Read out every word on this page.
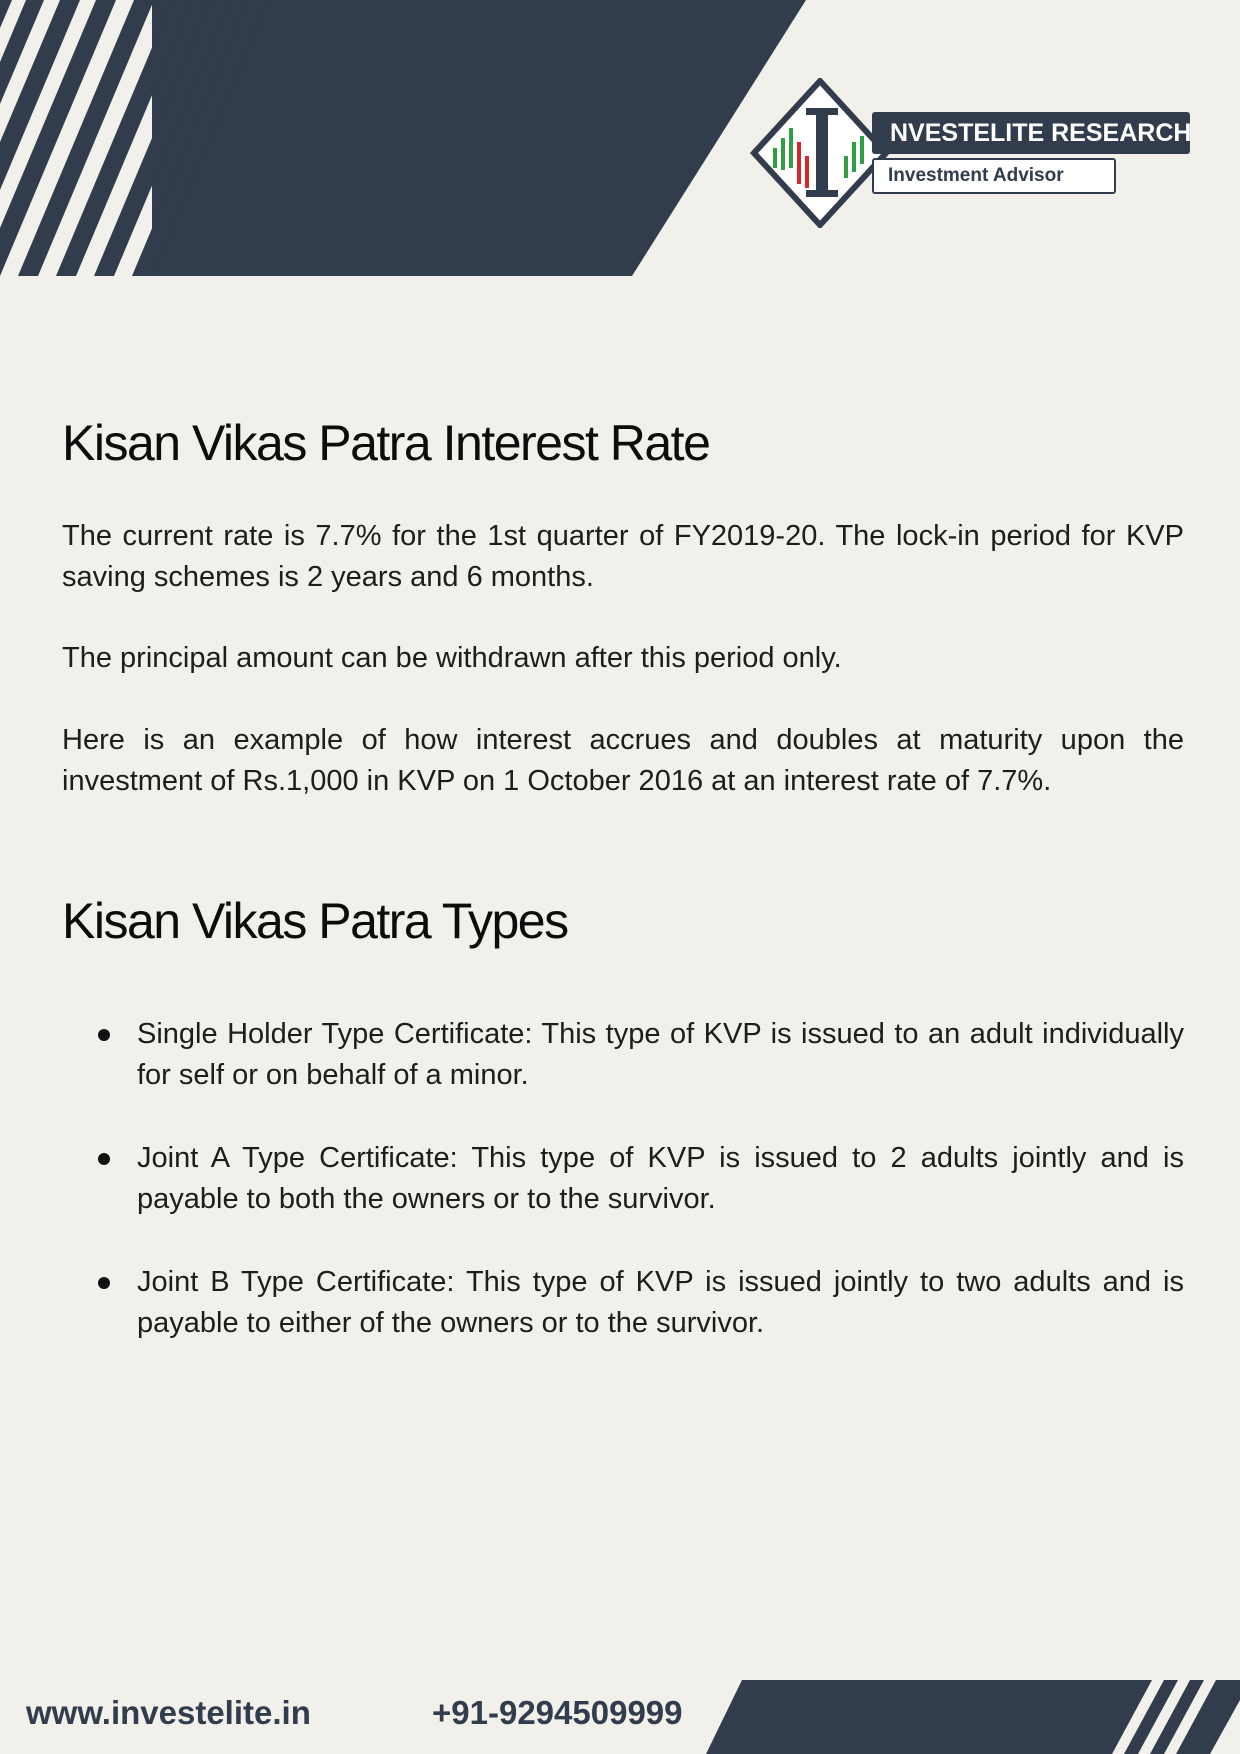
NVESTELITE RESEARCH
Investment Advisor
Kisan Vikas Patra Interest Rate

The current rate is 7.7% for the 1st quarter of FY2019-20. The lock-in period for KVP saving schemes is 2 years and 6 months.

The principal amount can be withdrawn after this period only.

Here is an example of how interest accrues and doubles at maturity upon the investment of Rs.1,000 in KVP on 1 October 2016 at an interest rate of 7.7%.

Kisan Vikas Patra Types
Single Holder Type Certificate: This type of KVP is issued to an adult individually for self or on behalf of a minor.
Joint A Type Certificate: This type of KVP is issued to 2 adults jointly and is payable to both the owners or to the survivor.
Joint B Type Certificate: This type of KVP is issued jointly to two adults and is payable to either of the owners or to the survivor.
www.investelite.in	+91-9294509999
